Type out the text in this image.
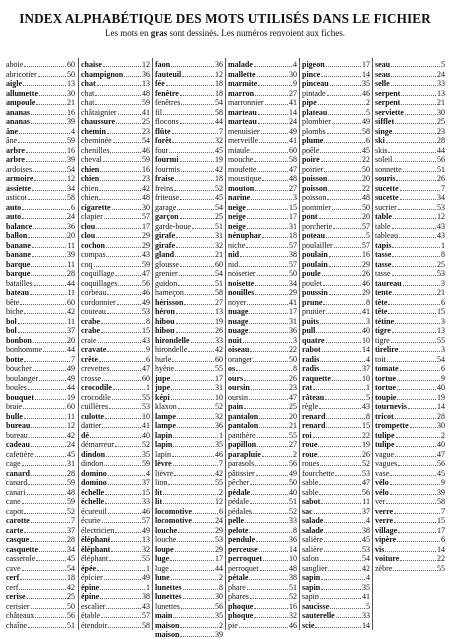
INDEX ALPHABÉTIQUE DES MOTS UTILISÉS DANS LE FICHIER
Les mots en gras sont dessinés. Les numéros renvoient aux fiches.
aboie	60
abricotier	50
aigle	13
allumette	30
ampoule	21
ananas	16
ananas	39
âne	4
âne	59
arbre	16
arbre	39
ardoises	54
armoire	12
assiette	34
asticot	58
auto	6
auto	24
balance	36
ballon	20
banane	11
banane	39
barque	11
barque	28
batailles	44
bateau	11
bête	60
biche	42
bol	11
bol	37
bonbon	20
bonhomme	44
botte	7
boucher	49
boulanger	49
boules	44
bouquet	19
braie	60
bulle	11
bureau	12
bureau	42
cadeau	24
cafetière	45
cage	31
canard	28
canard	59
canari	48
cane	59
capot	52
carotte	7
carte	37
casque	28
casquette	34
casserole	45
cave	54
cerf	18
cerf	42
cerise	25
cerisier	50
châteaux	56
chaîne	51
chaise	12
champignon 36
chat	13
chat	48
chat	59
châtaignier	41
chaussure	25
chemin	23
cheminée	54
chenilles	46
cheval	59
chien	16
chien	23
chien	42
chien	48
cigarette	30
clapier	57
clou	17
clou	29
cochon	29
compas	43
coq	59
coquillage	47
coquillages	56
corbeau	46
cordonnier	49
couteau	53
crabe	8
crabe	15
craie	43
cravate	9
crête	6
crevettes	47
crosse	60
crocodile	1
crocodile	55
cuillères	53
culotte	10
dattier	41
dé	40
démarreur	52
dindon	35
dindon	59
domino	4
domino	37
échelle	15
échelle	33
écureuil	46
écurie	57
électricien	49
éléphant	13
éléphant	32
éléphant	55
épée	1
épicier	49
épine	1
épine	38
escalier	43
étable	57
étendoir	58
faon	36
fauteuil	12
fée	18
fenêtre	18
fenêtres	54
fil	58
flocons	44
flûte	7
forêt	32
four	45
fourmi	19
fourmis	42
fraise	18
freins	52
friteuse	45
garage	54
garçon	25
garde-boue	51
girafe	31
girafe	32
gland	21
glousse	60
grenier	54
guidon	51
hameçon	58
hérisson	27
héron	13
hibou	19
hibou	26
hirondelle	33
hirondelle	42
hurle	60
hyène	55
jupe	17
jupe	31
képi	10
klaxon	52
lampe	32
lampe	36
lapin	1
lapin	35
lapin	46
lèvre	7
lièvre	42
lion	55
lit	2
lit	12
locomotive	6
locomotive	24
louche	29
louche	53
loupe	29
luge	17
luge	44
lune	2
lunettes	8
lunettes	30
lunettes	56
main	35
maison	2
maison	39
malade	4
mallette	30
marmite	9
marron	27
marronnier	41
marteau	14
marteau	24
menuisier	49
merveille	41
miaule	60
mouche	58
moufette	47
moustique	48
mouton	27
narine	3
neige	15
neige	17
neige	31
nénuphar	18
niche	57
nid	38
nid	57
noisetier	50
noisette	34
nouilles	29
noyer	41
nuage	17
nuage	31
nuage	36
nuit	3
oiseau	22
oranger	50
os	8
ours	26
oursin	23
oursin	47
pain	25
pantalon	20
pantalon	21
panthère	55
papillon	27
parapluie	2
parasols	56
pâtissier	49
pêcher	50
pédale	40
pédale	51
pédales	52
pelle	33
pelote	8
pendule	36
perceuse	14
perroquet	10
perroquet	48
pétale	38
phare	51
phares	52
phoque	16
phoque	32
pie	46
pigeon	17
pince	14
pinceau	35
pintade	46
pipe	2
plateau	5
plombier	49
plombs	58
plume	6
poêle	45
poire	22
poirier	50
poisson	20
poisson	22
poisson	48
pommier	50
pont	20
porcherie	57
poteau	5
poulailler	57
poulain	16
poulain	29
poule	26
poulet	46
poussin	29
prune	8
prunier	41
puits	3
pull	40
quatre	10
rabot	14
radis	4
radis	37
raquette	10
rat	1
râteau	5
règle	43
renard	8
renard	15
roi	22
roue	19
roue	26
roues	52
fourchette	53
sable	47
sable	56
sabot	11
sac	37
salade	4
salade	38
salière	45
salière	53
salon	54
sanglier	42
sapin	4
sapin	35
sapin	41
saucisse	5
sauterelle	33
scie	14
seau	5
seau	24
selle	33
serpent	13
serpent	21
serviette	30
sifflet	25
singe	23
ski	28
skis	44
soleil	56
sonnette	51
souris	26
sucette	7
sucette	34
sucrier	53
table	12
table	43
tableau	43
tapis	1
tasse	8
tasse	25
tasse	53
taureau	3
tente	21
tête	6
tête	15
tétine	3
tigre	13
tigre	55
tirelire	3
toit	54
tomate	6
tortue	9
tortue	40
toupie	19
tournevis	14
tricot	28
trompette	30
tulipe	2
tulipe	40
vague	47
vagues	56
vase	45
vélo	9
vélo	39
ver	58
verre	7
verre	15
village	17
vipère	6
vis	14
voiture	22
zèbre	55
